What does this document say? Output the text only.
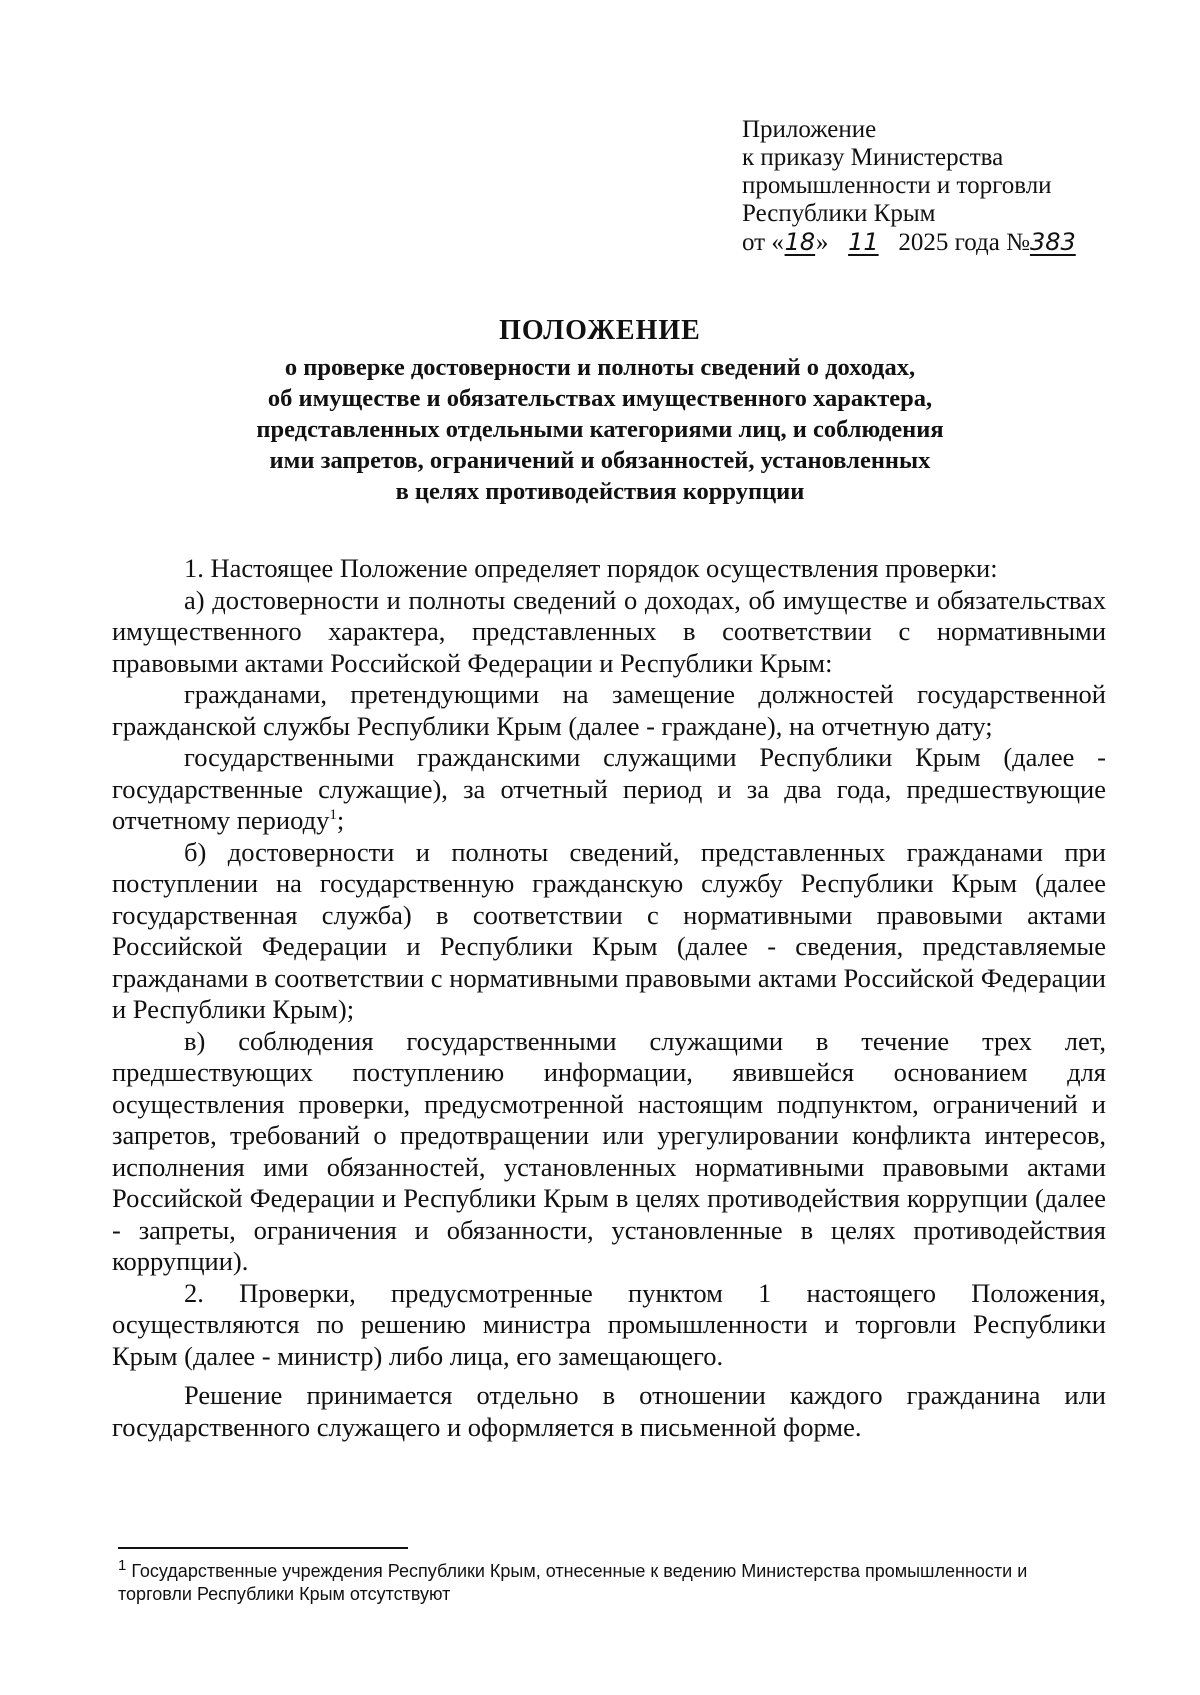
Приложение
к приказу Министерства
промышленности и торговли
Республики Крым
от «18» 11 2025 года №383
ПОЛОЖЕНИЕ
о проверке достоверности и полноты сведений о доходах,
об имуществе и обязательствах имущественного характера,
представленных отдельными категориями лиц, и соблюдения
ими запретов, ограничений и обязанностей, установленных
в целях противодействия коррупции

1. Настоящее Положение определяет порядок осуществления проверки:

а) достоверности и полноты сведений о доходах, об имуществе и обязательствах имущественного характера, представленных в соответствии с нормативными правовыми актами Российской Федерации и Республики Крым:

гражданами, претендующими на замещение должностей государственной гражданской службы Республики Крым (далее - граждане), на отчетную дату;

государственными гражданскими служащими Республики Крым (далее - государственные служащие), за отчетный период и за два года, предшествующие отчетному периоду$^1$;

б) достоверности и полноты сведений, представленных гражданами при поступлении на государственную гражданскую службу Республики Крым (далее государственная служба) в соответствии с нормативными правовыми актами Российской Федерации и Республики Крым (далее - сведения, представляемые гражданами в соответствии с нормативными правовыми актами Российской Федерации и Республики Крым);

в) соблюдения государственными служащими в течение трех лет, предшествующих поступлению информации, явившейся основанием для осуществления проверки, предусмотренной настоящим подпунктом, ограничений и запретов, требований о предотвращении или урегулировании конфликта интересов, исполнения ими обязанностей, установленных нормативными правовыми актами Российской Федерации и Республики Крым в целях противодействия коррупции (далее - запреты, ограничения и обязанности, установленные в целях противодействия коррупции).

2. Проверки, предусмотренные пунктом 1 настоящего Положения, осуществляются по решению министра промышленности и торговли Республики Крым (далее - министр) либо лица, его замещающего.

Решение принимается отдельно в отношении каждого гражданина или государственного служащего и оформляется в письменной форме.

$^1$ Государственные учреждения Республики Крым, отнесенные к ведению Министерства промышленности и торговли Республики Крым отсутствуют
